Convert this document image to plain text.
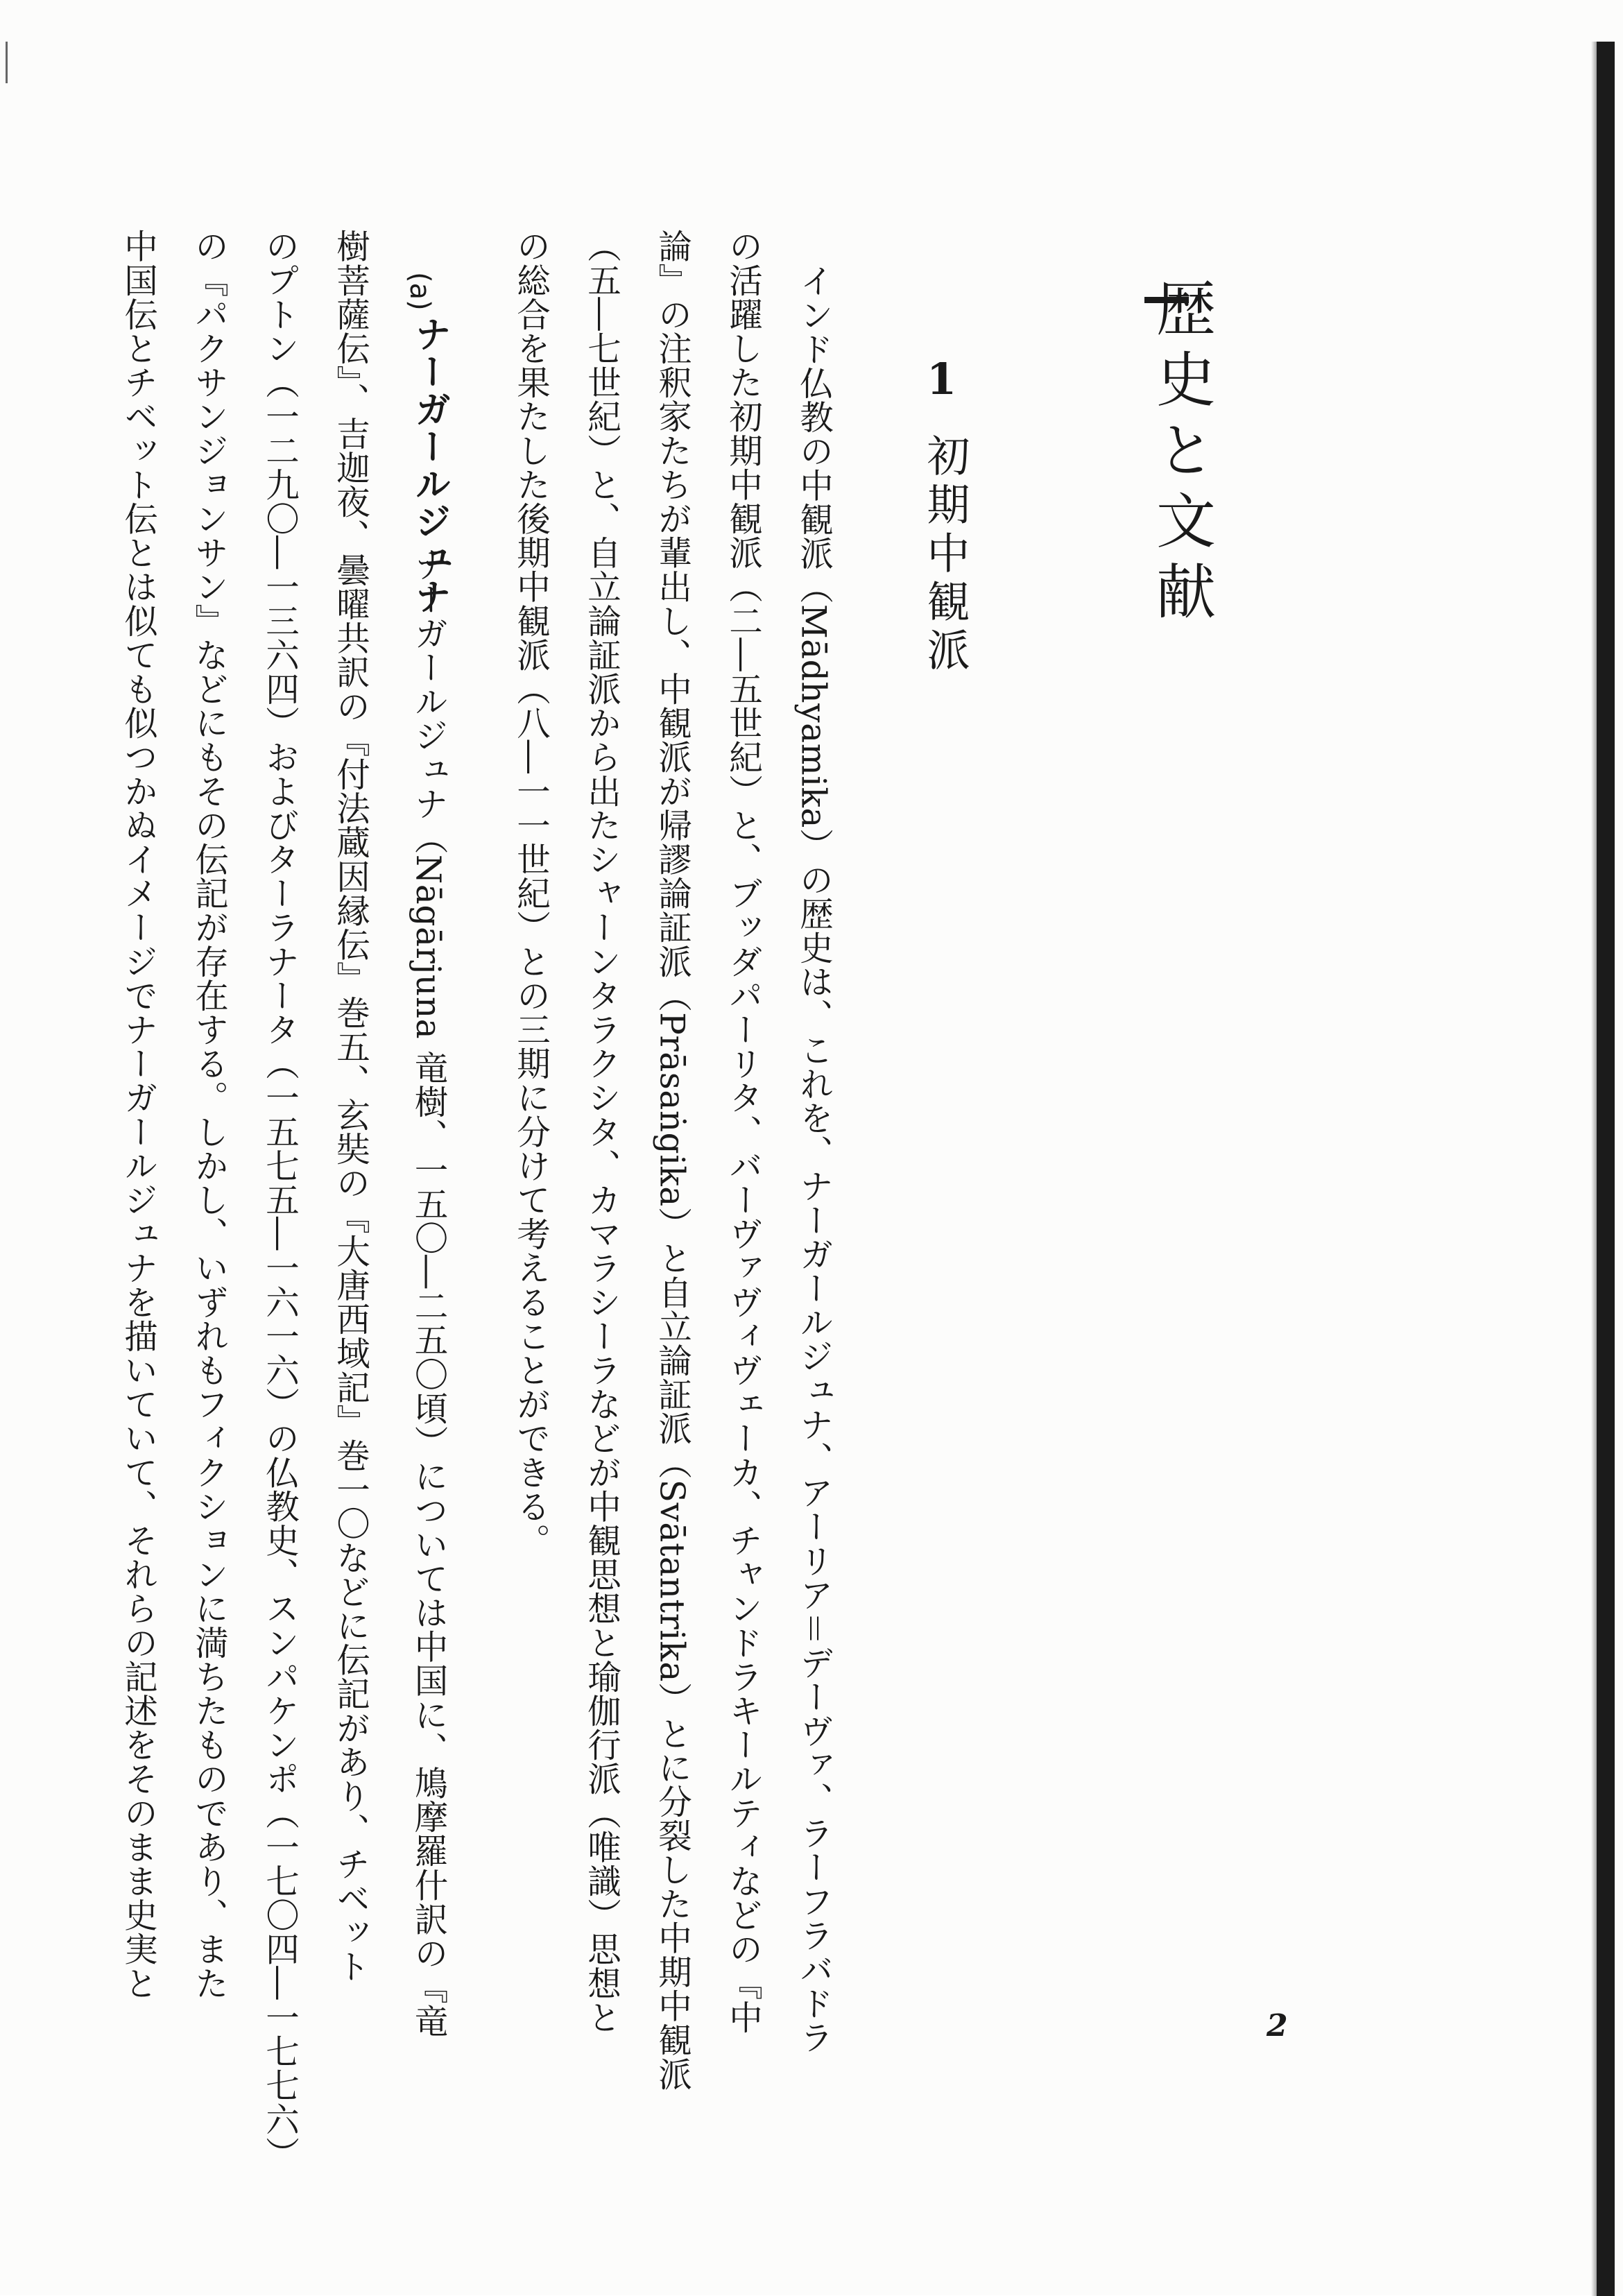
歴史と文献

1

初期中観派

インド仏教の中観派（Mādhyamika）の歴史は、これを、ナーガールジュナ、アーリア＝デーヴァ、ラーフラバドラ

の活躍した初期中観派（二―五世紀）と、ブッダパーリタ、バーヴァヴィヴェーカ、チャンドラキールティなどの『中

論』の注釈家たちが輩出し、中観派が帰謬論証派（Prāsaṅgika）と自立論証派（Svātantrika）とに分裂した中期中観派

（五―七世紀）と、自立論証派から出たシャーンタラクシタ、カマラシーラなどが中観思想と瑜伽行派（唯識）思想と

の総合を果たした後期中観派（八―一一世紀）との三期に分けて考えることができる。

(a)

ナーガールジュナ

ナーガールジュナ（Nāgārjuna 竜樹、一五〇―二五〇頃）については中国に、鳩摩羅什訳の『竜

樹菩薩伝』、吉迦夜、曇曜共訳の『付法蔵因縁伝』巻五、玄奘の『大唐西域記』巻一〇などに伝記があり、チベット

のプトン（一二九〇―一三六四）およびターラナータ（一五七五―一六一六）の仏教史、スンパケンポ（一七〇四―一七七六）

の『パクサンジョンサン』などにもその伝記が存在する。しかし、いずれもフィクションに満ちたものであり、また

中国伝とチベット伝とは似ても似つかぬイメージでナーガールジュナを描いていて、それらの記述をそのまま史実と

2
